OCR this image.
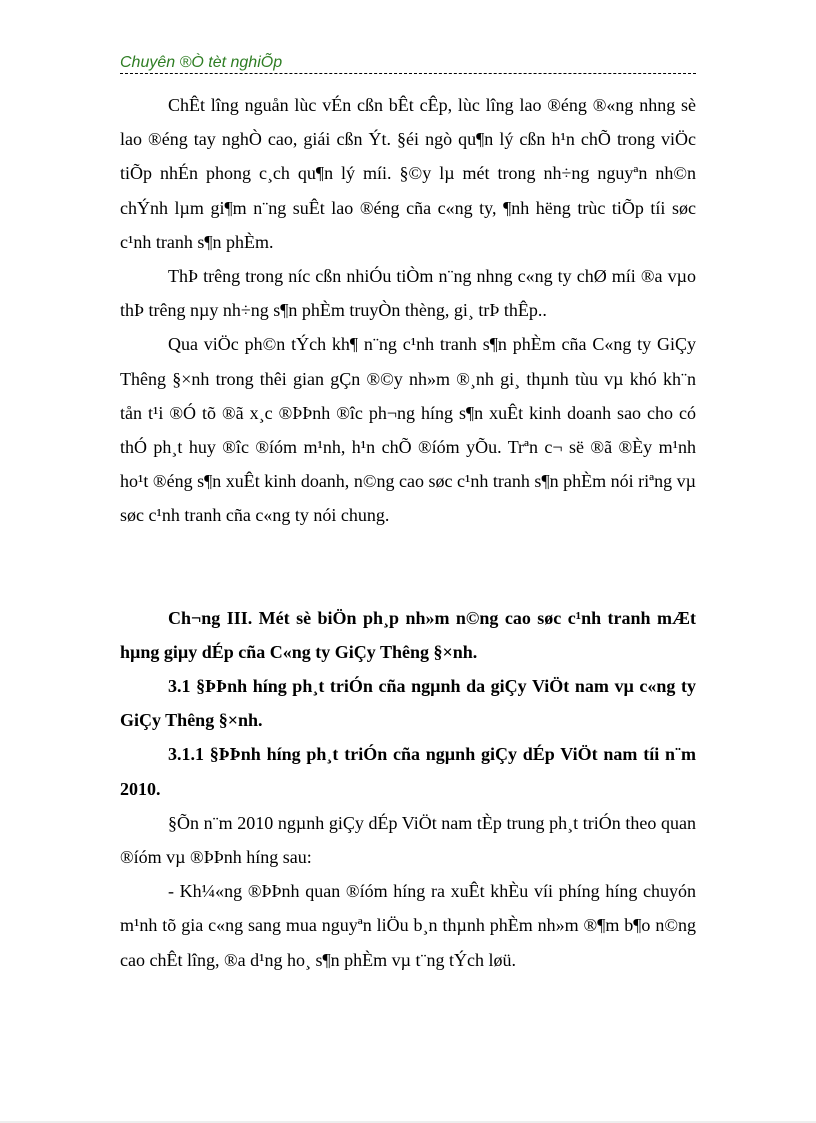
Chuyên ®Ò tèt nghiÕp

ChÊt lîng nguån lùc vÉn cßn bÊt cÊp, lùc lîng lao ®éng ®«ng nhng sè lao ®éng tay nghÒ cao, giái cßn Ýt. §éi ngò qu¶n lý cßn h¹n chÕ trong viÖc tiÕp nhÉn phong c¸ch qu¶n lý míi. §©y lµ mét trong nh÷ng nguyªn nh©n chÝnh lµm gi¶m n¨ng suÊt lao ®éng cña c«ng ty, ¶nh hëng trùc tiÕp tíi søc c¹nh tranh s¶n phÈm.

ThÞ trêng trong níc cßn nhiÓu tiÒm n¨ng nhng c«ng ty chØ míi ®a vµo thÞ trêng nµy nh÷ng s¶n phÈm truyÒn thèng, gi¸ trÞ thÊp..

Qua viÖc ph©n tÝch kh¶ n¨ng c¹nh tranh s¶n phÈm cña C«ng ty GiÇy Thêng §×nh trong thêi gian gÇn ®©y nh»m ®¸nh gi¸ thµnh tùu vµ khó kh¨n tån t¹i ®Ó tõ ®ã x¸c ®ÞÞnh ®îc ph¬ng híng s¶n xuÊt kinh doanh sao cho có thÓ ph¸t huy ®îc ®íóm m¹nh, h¹n chÕ ®íóm yÕu. Trªn c¬ së ®ã ®Èy m¹nh ho¹t ®éng s¶n xuÊt kinh doanh, n©ng cao søc c¹nh tranh s¶n phÈm nói riªng vµ søc c¹nh tranh cña c«ng ty nói chung.

Ch¬ng III. Mét sè biÖn ph¸p nh»m n©ng cao søc c¹nh tranh mÆt hµng giµy dÉp cña C«ng ty GiÇy Thêng §×nh.

3.1 §ÞÞnh híng ph¸t triÓn cña ngµnh da giÇy ViÖt nam vµ c«ng ty GiÇy Thêng §×nh.

3.1.1 §ÞÞnh híng ph¸t triÓn cña ngµnh giÇy dÉp ViÖt nam tíi n¨m 2010.

§Õn n¨m 2010 ngµnh giÇy dÉp ViÖt nam tÈp trung ph¸t triÓn theo quan ®íóm vµ ®ÞÞnh híng sau:

- Kh¼«ng ®ÞÞnh quan ®íóm híng ra xuÊt khÈu víi phíng híng chuyón m¹nh tõ gia c«ng sang mua nguyªn liÖu b¸n thµnh phÈm nh»m ®¶m b¶o n©ng cao chÊt lîng, ®a d¹ng ho¸ s¶n phÈm vµ t¨ng tÝch løü.
